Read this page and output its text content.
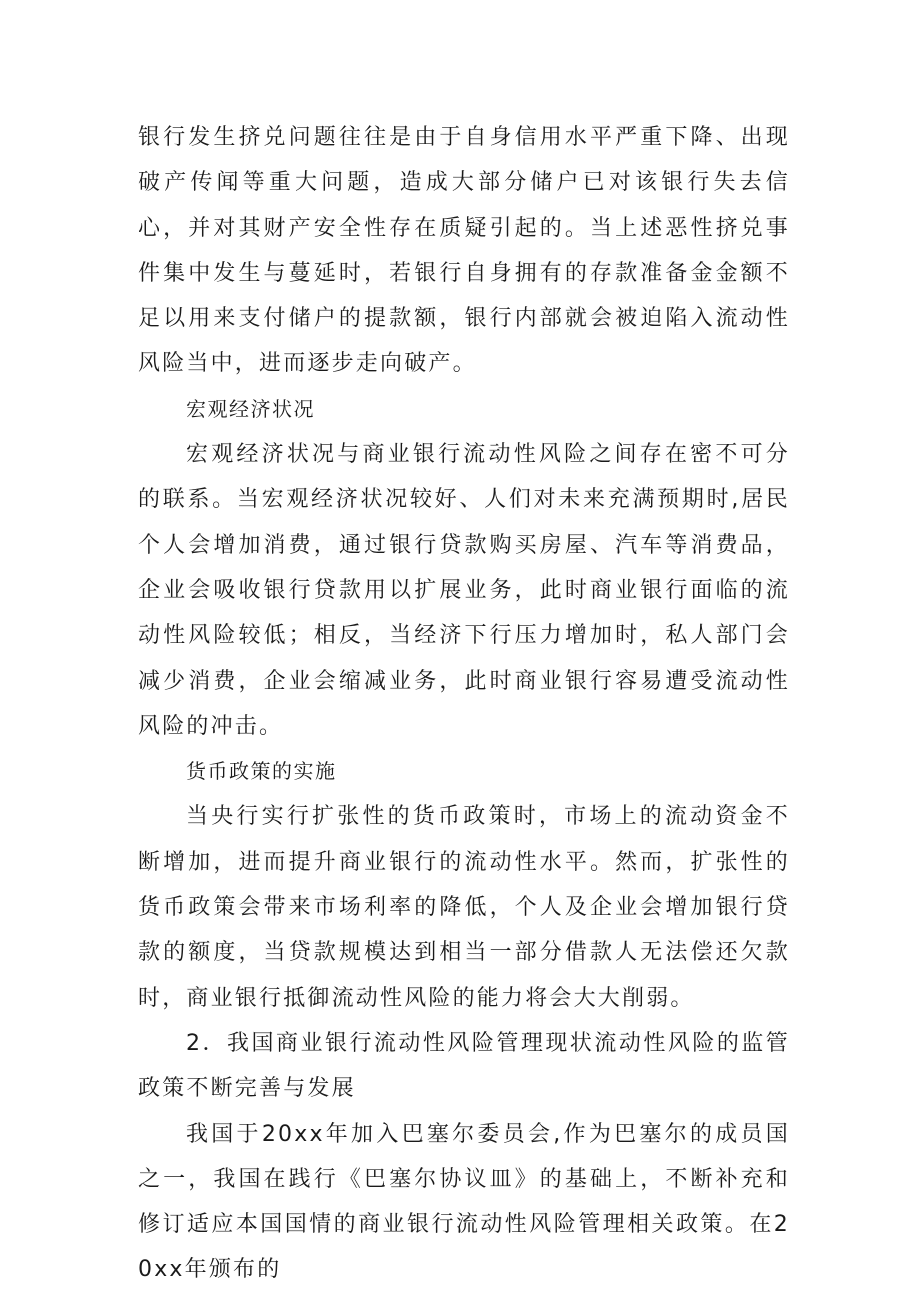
银行发生挤兑问题往往是由于自身信用水平严重下降、出现破产传闻等重大问题，造成大部分储户已对该银行失去信心，并对其财产安全性存在质疑引起的。当上述恶性挤兑事件集中发生与蔓延时，若银行自身拥有的存款准备金金额不足以用来支付储户的提款额，银行内部就会被迫陷入流动性风险当中，进而逐步走向破产。

宏观经济状况

宏观经济状况与商业银行流动性风险之间存在密不可分的联系。当宏观经济状况较好、人们对未来充满预期时,居民个人会增加消费，通过银行贷款购买房屋、汽车等消费品，企业会吸收银行贷款用以扩展业务，此时商业银行面临的流动性风险较低；相反，当经济下行压力增加时，私人部门会减少消费，企业会缩减业务，此时商业银行容易遭受流动性风险的冲击。

货币政策的实施

当央行实行扩张性的货币政策时，市场上的流动资金不断增加，进而提升商业银行的流动性水平。然而，扩张性的货币政策会带来市场利率的降低，个人及企业会增加银行贷款的额度，当贷款规模达到相当一部分借款人无法偿还欠款时，商业银行抵御流动性风险的能力将会大大削弱。

2．我国商业银行流动性风险管理现状流动性风险的监管政策不断完善与发展

我国于20xx年加入巴塞尔委员会,作为巴塞尔的成员国之一，我国在践行《巴塞尔协议皿》的基础上，不断补充和修订适应本国国情的商业银行流动性风险管理相关政策。在20xx年颁布的
